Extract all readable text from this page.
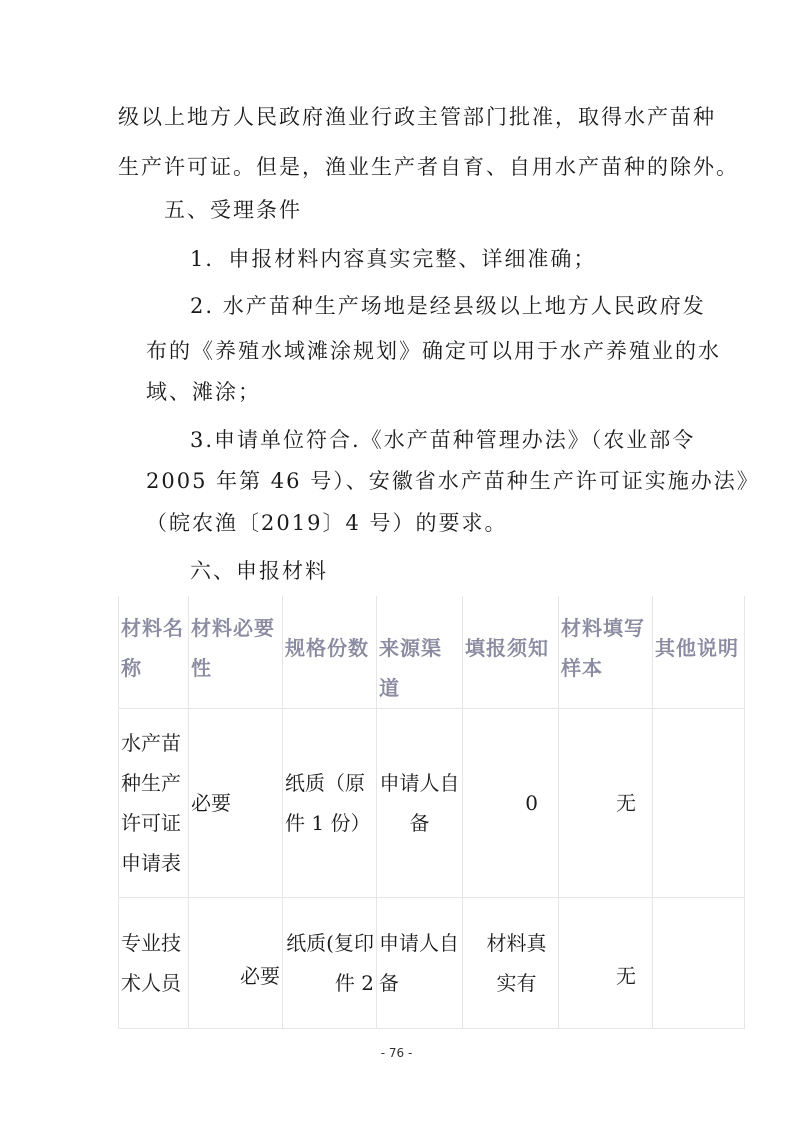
级以上地方人民政府渔业行政主管部门批准，取得水产苗种
生产许可证。但是，渔业生产者自育、自用水产苗种的除外。
五、受理条件
1．申报材料内容真实完整、详细准确；
2. 水产苗种生产场地是经县级以上地方人民政府发
布的《养殖水域滩涂规划》确定可以用于水产养殖业的水
域、滩涂；
3.申请单位符合.《水产苗种管理办法》（农业部令
2005 年第 46 号）、安徽省水产苗种生产许可证实施办法》
（皖农渔〔2019〕4 号）的要求。
六、申报材料
材料名称	材料必要性	规格份数	来源渠道	填报须知	材料填写样本	其他说明
水产苗种生产许可证申请表	必要	纸质（原件 1 份）	申请人自备	0	无	
专业技术人员	必要	纸质(复印件 2	申请人自备	材料真实有	无	
- 76 -
